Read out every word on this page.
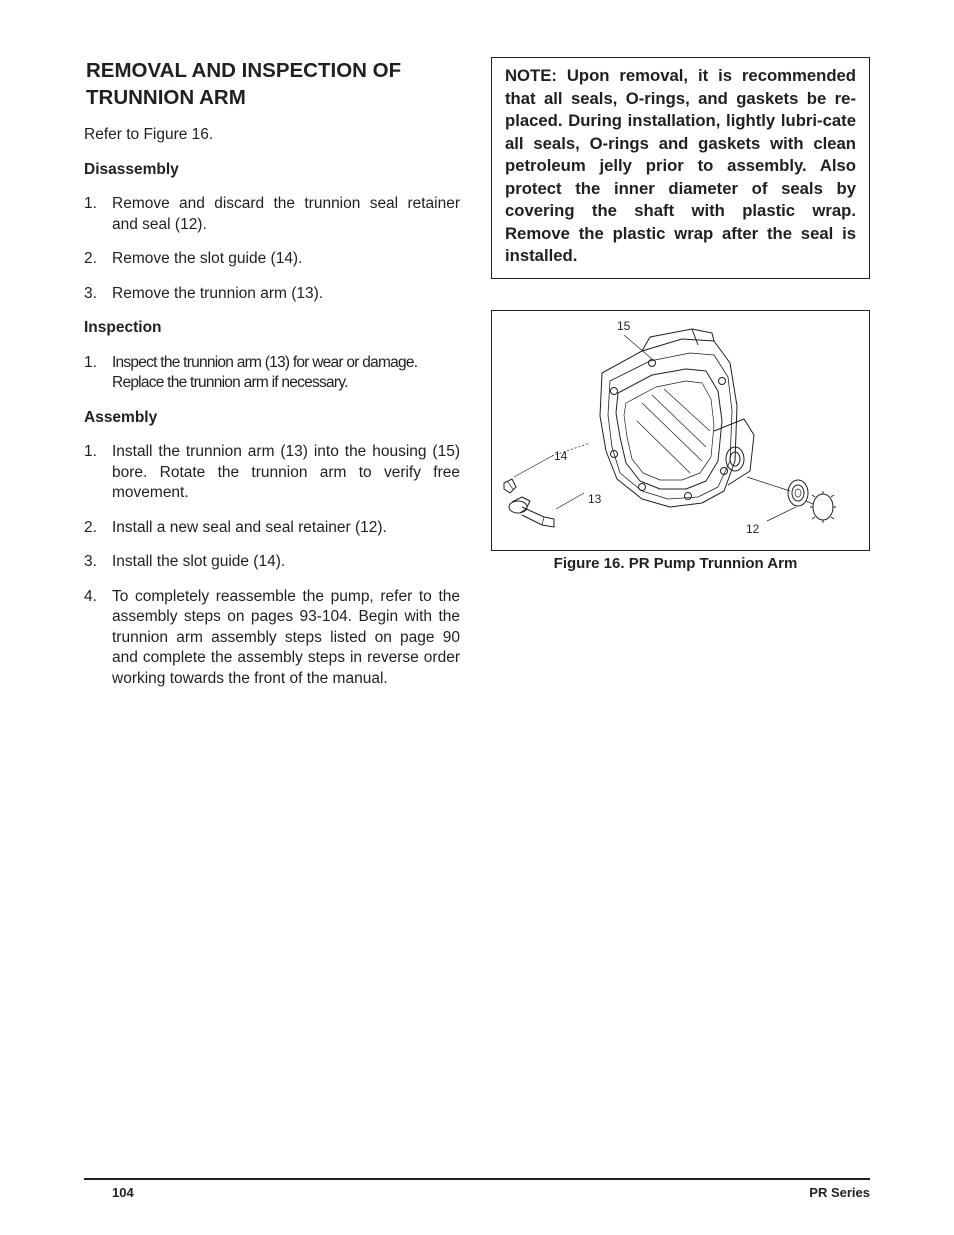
REMOVAL AND INSPECTION OF TRUNNION ARM

Refer to Figure 16.

Disassembly
1. Remove and discard the trunnion seal retainer and seal (12).
2. Remove the slot guide (14).
3. Remove the trunnion arm (13).
Inspection
1. Inspect the trunnion arm (13) for wear or damage. Replace the trunnion arm if necessary.
Assembly
1. Install the trunnion arm (13) into the housing (15) bore. Rotate the trunnion arm to verify free movement.
2. Install a new seal and seal retainer (12).
3. Install the slot guide (14).
4. To completely reassemble the pump, refer to the assembly steps on pages 93-104. Begin with the trunnion arm assembly steps listed on page 90 and complete the assembly steps in reverse order working towards the front of the manual.

NOTE: Upon removal, it is recommended that all seals, O-rings, and gaskets be re-placed. During installation, lightly lubri-cate all seals, O-rings and gaskets with clean petroleum jelly prior to assembly. Also protect the inner diameter of seals by covering the shaft with plastic wrap. Remove the plastic wrap after the seal is installed.

15
14
13
12

Figure 16. PR Pump Trunnion Arm

104	PR Series
